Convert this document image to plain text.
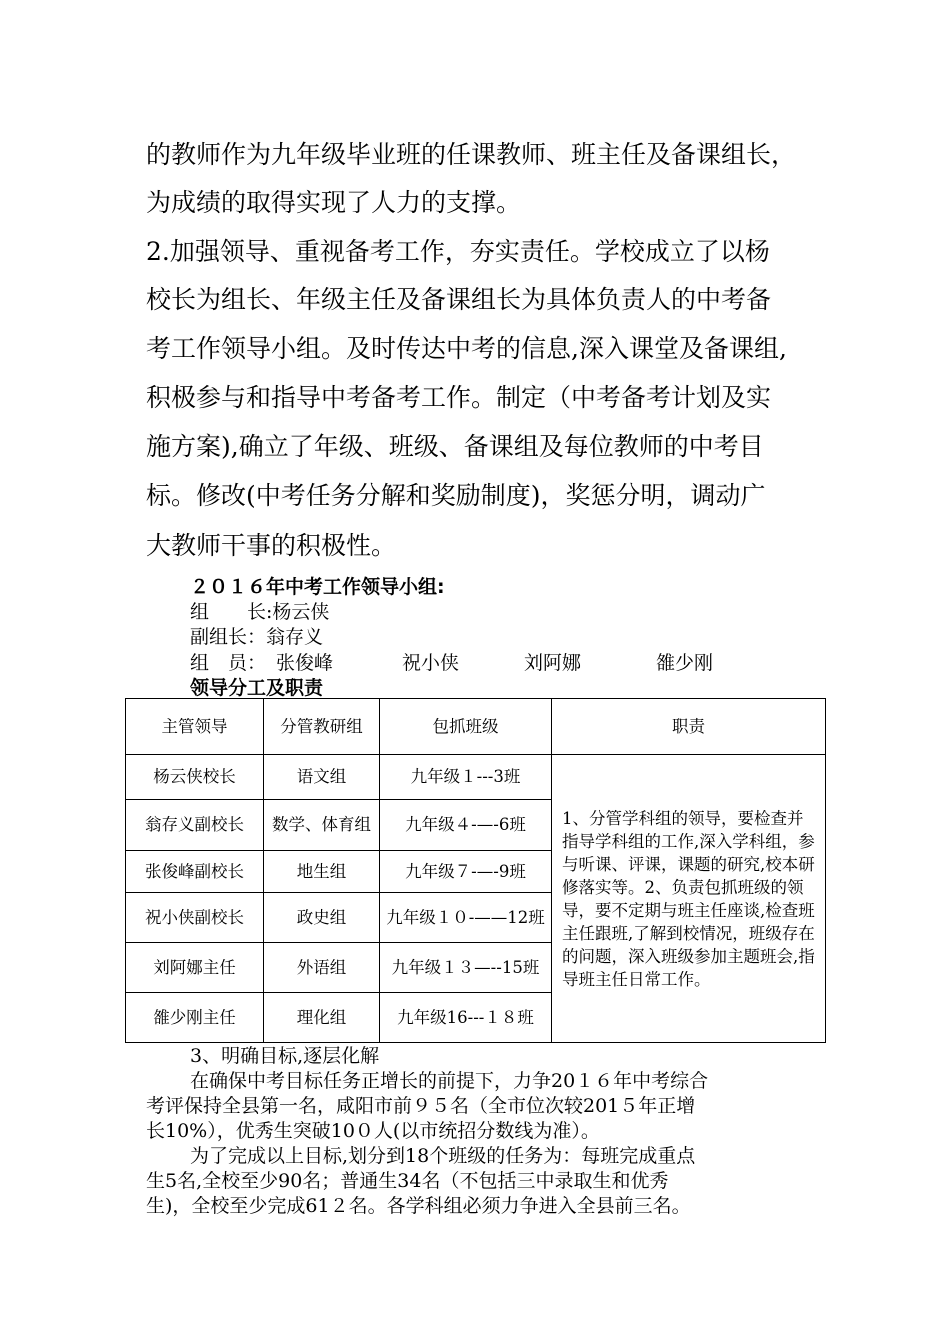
的教师作为九年级毕业班的任课教师、班主任及备课组长，
为成绩的取得实现了人力的支撑。
2.加强领导、重视备考工作，夯实责任。学校成立了以杨
校长为组长、年级主任及备课组长为具体负责人的中考备
考工作领导小组。及时传达中考的信息,深入课堂及备课组,
积极参与和指导中考备考工作。制定（中考备考计划及实
施方案),确立了年级、班级、备课组及每位教师的中考目
标。修改(中考任务分解和奖励制度)，奖惩分明，调动广
大教师干事的积极性。
２０１６年中考工作领导小组:
组　　长:杨云侠
副组长：翁存义
组　员： 张俊峰	祝小侠	刘阿娜	雒少刚
领导分工及职责
主管领导	分管教研组	包抓班级	职责
杨云侠校长	语文组	九年级１---3班	1、分管学科组的领导，要检查并指导学科组的工作,深入学科组，参与听课、评课，课题的研究,校本研修落实等。2、负责包抓班级的领导，要不定期与班主任座谈,检查班主任跟班,了解到校情况，班级存在的问题，深入班级参加主题班会,指导班主任日常工作。
翁存义副校长	数学、体育组	九年级４-—-6班	
张俊峰副校长	地生组	九年级７-—-9班	
祝小侠副校长	政史组	九年级１０-——12班	
刘阿娜主任	外语组	九年级１３—--15班	
雒少刚主任	理化组	九年级16---１８班	
3、明确目标,逐层化解
在确保中考目标任务正增长的前提下，力争20１６年中考综合
考评保持全县第一名，咸阳市前９５名（全市位次较201５年正增
长10%），优秀生突破10０人(以市统招分数线为准）。
为了完成以上目标,划分到18个班级的任务为：每班完成重点
生5名,全校至少90名；普通生34名（不包括三中录取生和优秀
生)，全校至少完成61２名。各学科组必须力争进入全县前三名。
